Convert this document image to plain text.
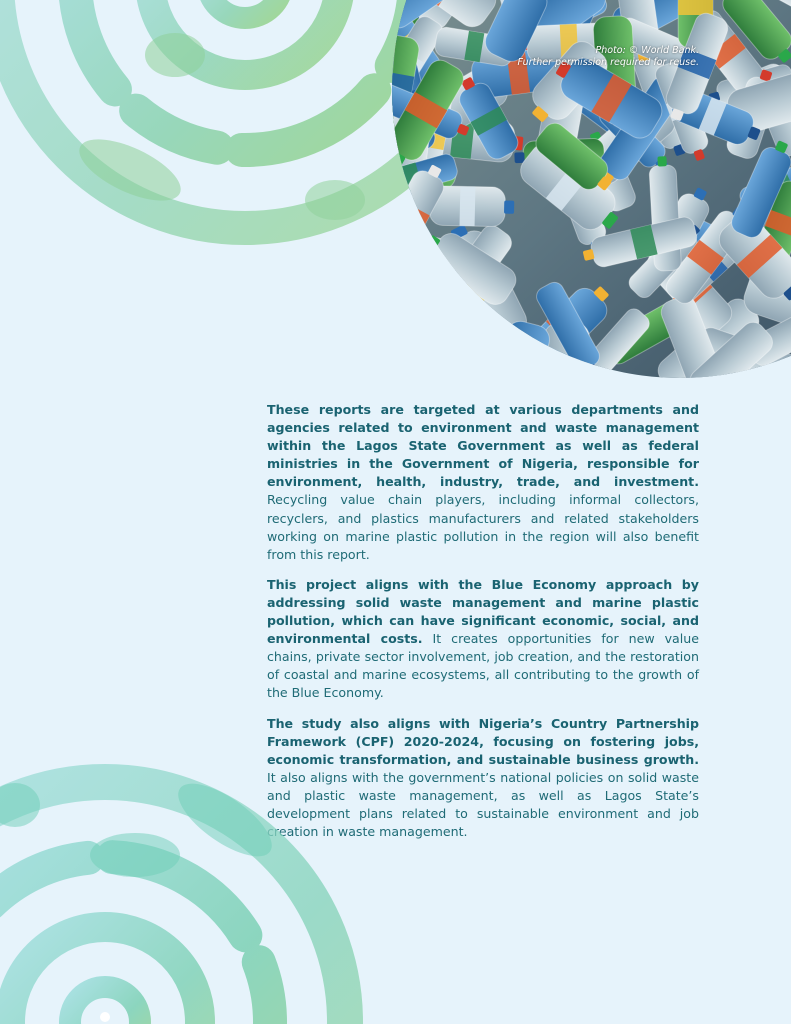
Photo: © World Bank.
Further permission required for reuse.

These reports are targeted at various departments and agencies related to environment and waste management within the Lagos State Government as well as federal ministries in the Government of Nigeria, responsible for environment, health, industry, trade, and investment. Recycling value chain players, including informal collectors, recyclers, and plastics manufacturers and related stakeholders working on marine plastic pollution in the region will also benefit from this report.

This project aligns with the Blue Economy approach by addressing solid waste management and marine plastic pollution, which can have significant economic, social, and environmental costs. It creates opportunities for new value chains, private sector involvement, job creation, and the restoration of coastal and marine ecosystems, all contributing to the growth of the Blue Economy.

The study also aligns with Nigeria’s Country Partnership Framework (CPF) 2020-2024, focusing on fostering jobs, economic transformation, and sustainable business growth. It also aligns with the government’s national policies on solid waste and plastic waste management, as well as Lagos State’s development plans related to sustainable environment and job creation in waste management.
